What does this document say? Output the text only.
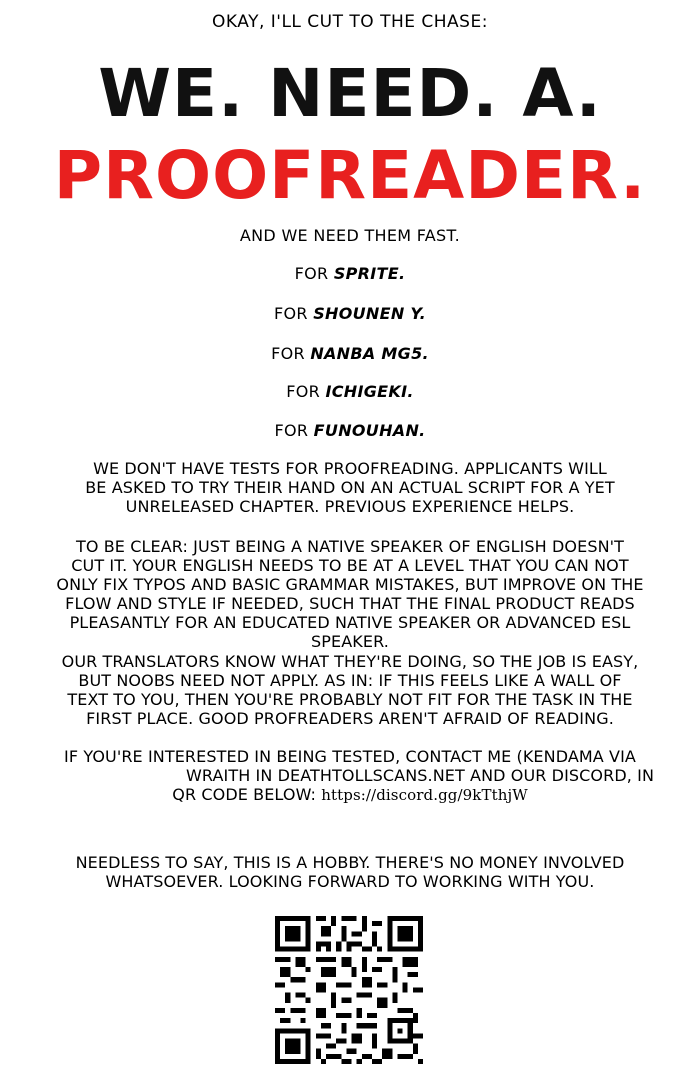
OKAY, I'LL CUT TO THE CHASE:
WE. NEED. A.
PROOFREADER.
AND WE NEED THEM FAST.
FOR SPRITE.
FOR SHOUNEN Y.
FOR NANBA MG5.
FOR ICHIGEKI.
FOR FUNOUHAN.
WE DON'T HAVE TESTS FOR PROOFREADING. APPLICANTS WILL
BE ASKED TO TRY THEIR HAND ON AN ACTUAL SCRIPT FOR A YET
UNRELEASED CHAPTER. PREVIOUS EXPERIENCE HELPS.
TO BE CLEAR: JUST BEING A NATIVE SPEAKER OF ENGLISH DOESN'T
CUT IT. YOUR ENGLISH NEEDS TO BE AT A LEVEL THAT YOU CAN NOT
ONLY FIX TYPOS AND BASIC GRAMMAR MISTAKES, BUT IMPROVE ON THE
FLOW AND STYLE IF NEEDED, SUCH THAT THE FINAL PRODUCT READS
PLEASANTLY FOR AN EDUCATED NATIVE SPEAKER OR ADVANCED ESL
SPEAKER.
OUR TRANSLATORS KNOW WHAT THEY'RE DOING, SO THE JOB IS EASY,
BUT NOOBS NEED NOT APPLY. AS IN: IF THIS FEELS LIKE A WALL OF
TEXT TO YOU, THEN YOU'RE PROBABLY NOT FIT FOR THE TASK IN THE
FIRST PLACE. GOOD PROFREADERS AREN'T AFRAID OF READING.
IF YOU'RE INTERESTED IN BEING TESTED, CONTACT ME (KENDAMA VIA
WRAITH IN DEATHTOLLSCANS.NET AND OUR DISCORD, IN
QR CODE BELOW: https://discord.gg/9kTthjW
NEEDLESS TO SAY, THIS IS A HOBBY. THERE'S NO MONEY INVOLVED
WHATSOEVER. LOOKING FORWARD TO WORKING WITH YOU.
